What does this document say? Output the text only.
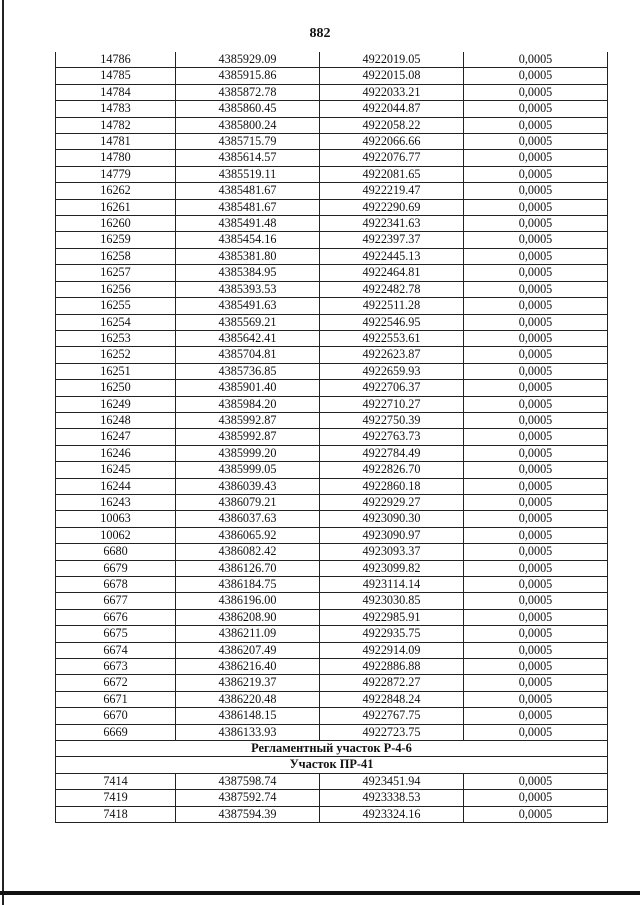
882
14786	4385929.09	4922019.05	0,0005
14785	4385915.86	4922015.08	0,0005
14784	4385872.78	4922033.21	0,0005
14783	4385860.45	4922044.87	0,0005
14782	4385800.24	4922058.22	0,0005
14781	4385715.79	4922066.66	0,0005
14780	4385614.57	4922076.77	0,0005
14779	4385519.11	4922081.65	0,0005
16262	4385481.67	4922219.47	0,0005
16261	4385481.67	4922290.69	0,0005
16260	4385491.48	4922341.63	0,0005
16259	4385454.16	4922397.37	0,0005
16258	4385381.80	4922445.13	0,0005
16257	4385384.95	4922464.81	0,0005
16256	4385393.53	4922482.78	0,0005
16255	4385491.63	4922511.28	0,0005
16254	4385569.21	4922546.95	0,0005
16253	4385642.41	4922553.61	0,0005
16252	4385704.81	4922623.87	0,0005
16251	4385736.85	4922659.93	0,0005
16250	4385901.40	4922706.37	0,0005
16249	4385984.20	4922710.27	0,0005
16248	4385992.87	4922750.39	0,0005
16247	4385992.87	4922763.73	0,0005
16246	4385999.20	4922784.49	0,0005
16245	4385999.05	4922826.70	0,0005
16244	4386039.43	4922860.18	0,0005
16243	4386079.21	4922929.27	0,0005
10063	4386037.63	4923090.30	0,0005
10062	4386065.92	4923090.97	0,0005
6680	4386082.42	4923093.37	0,0005
6679	4386126.70	4923099.82	0,0005
6678	4386184.75	4923114.14	0,0005
6677	4386196.00	4923030.85	0,0005
6676	4386208.90	4922985.91	0,0005
6675	4386211.09	4922935.75	0,0005
6674	4386207.49	4922914.09	0,0005
6673	4386216.40	4922886.88	0,0005
6672	4386219.37	4922872.27	0,0005
6671	4386220.48	4922848.24	0,0005
6670	4386148.15	4922767.75	0,0005
6669	4386133.93	4922723.75	0,0005
Регламентный участок Р-4-6			
Участок ПР-41			
7414	4387598.74	4923451.94	0,0005
7419	4387592.74	4923338.53	0,0005
7418	4387594.39	4923324.16	0,0005
